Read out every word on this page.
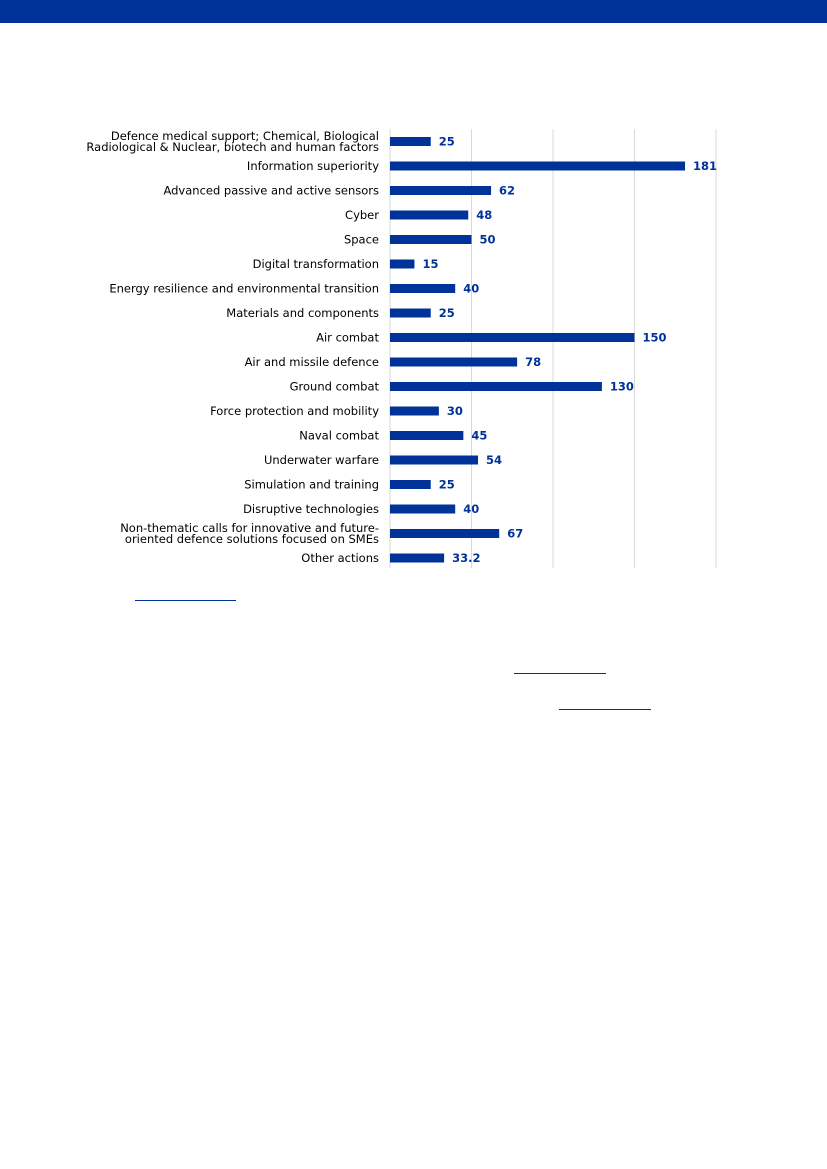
Defence medical support; Chemical, Biological Radiological & Nuclear, biotech and human factors
Information superiority
Advanced passive and active sensors
Cyber
Space
Digital transformation
Energy resilience and environmental transition
Materials and components
Air combat
Air and missile defence
Ground combat
Force protection and mobility
Naval combat
Underwater warfare
Simulation and training
Disruptive technologies
Non-thematic calls for innovative and future-oriented defence solutions focused on SMEs
Other actions
25
181
62
48
50
15
40
25
150
78
130
30
45
54
25
40
67
33.2
